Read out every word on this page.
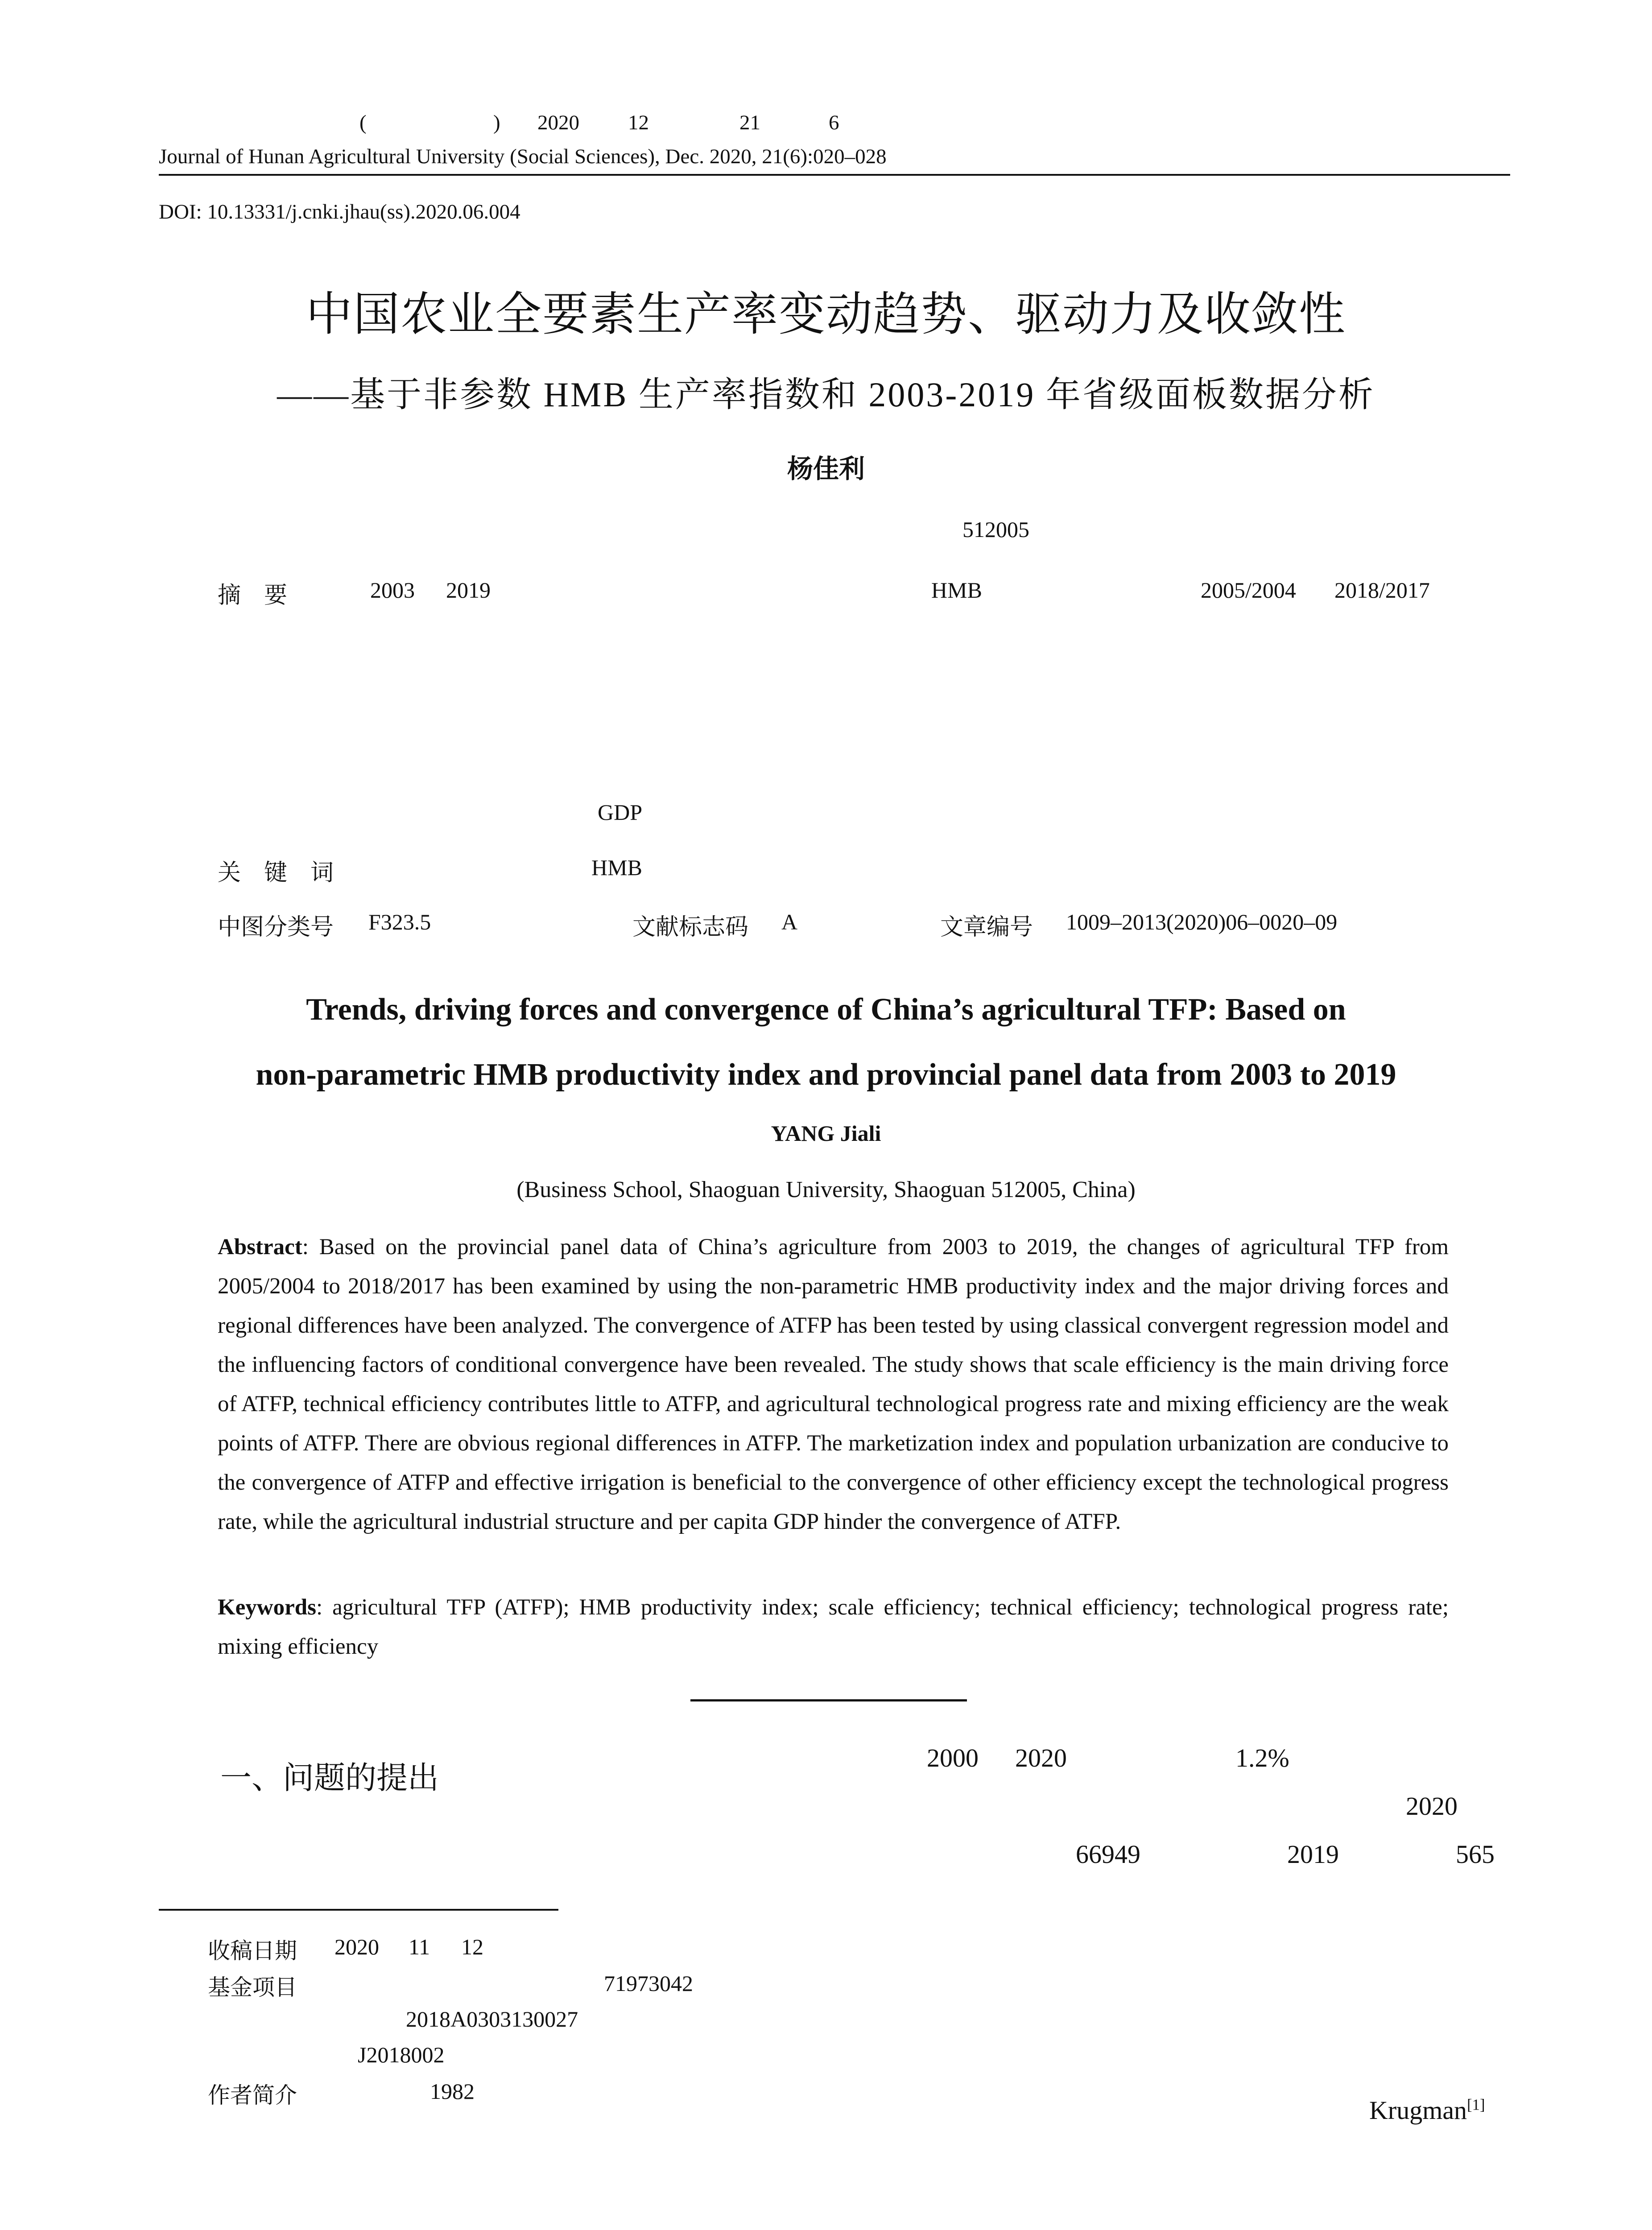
(	) 2020 12	21	6
Journal of Hunan Agricultural University (Social Sciences), Dec. 2020, 21(6):020–028
DOI: 10.13331/j.cnki.jhau(ss).2020.06.004
中国农业全要素生产率变动趋势、驱动力及收敛性
——基于非参数 HMB 生产率指数和 2003-2019 年省级面板数据分析
杨佳利
512005
摘　要	2003 2019	HMB	2005/2004 2018/2017
GDP
关　键　词	HMB
中图分类号 F323.5	文献标志码 A	文章编号 1009–2013(2020)06–0020–09
Trends, driving forces and convergence of China’s agricultural TFP: Based on
non-parametric HMB productivity index and provincial panel data from 2003 to 2019
YANG Jiali
(Business School, Shaoguan University, Shaoguan 512005, China)
Abstract: Based on the provincial panel data of China’s agriculture from 2003 to 2019, the changes of agricultural TFP from 2005/2004 to 2018/2017 has been examined by using the non-parametric HMB productivity index and the major driving forces and regional differences have been analyzed. The convergence of ATFP has been tested by using classical convergent regression model and the influencing factors of conditional convergence have been revealed. The study shows that scale efficiency is the main driving force of ATFP, technical efficiency contributes little to ATFP, and agricultural technological progress rate and mixing efficiency are the weak points of ATFP. There are obvious regional differences in ATFP. The marketization index and population urbanization are conducive to the convergence of ATFP and effective irrigation is beneficial to the convergence of other efficiency except the technological progress rate, while the agricultural industrial structure and per capita GDP hinder the convergence of ATFP.
Keywords: agricultural TFP (ATFP); HMB productivity index; scale efficiency; technical efficiency; technological progress rate; mixing efficiency
一、问题的提出
2000 2020	1.2%
2020
66949	2019	565
Krugman[1]
收稿日期 2020 11 12
基金项目	71973042
2018A0303130027
J2018002
作者简介	1982
